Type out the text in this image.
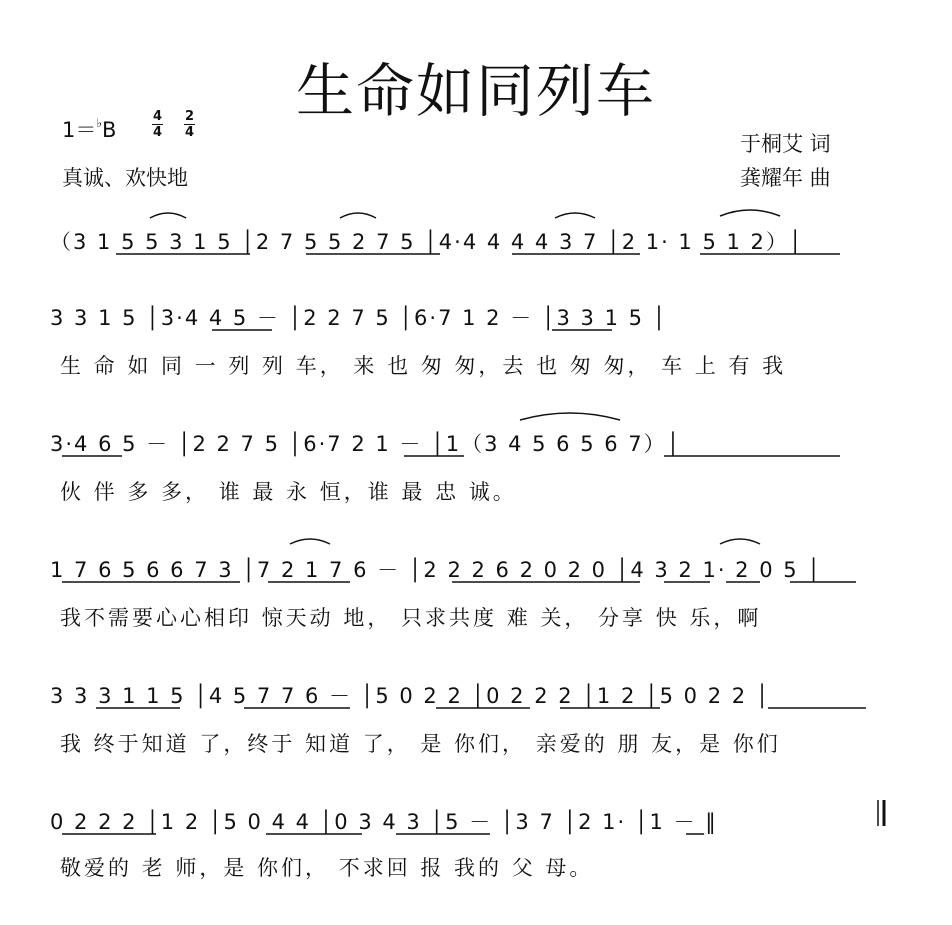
生命如同列车
1＝♭B
4
4
2
4
真诚、欢快地
于桐艾 词
龚耀年 曲
（3 1 5 5 3 1 5 │2 7 5 5 2 7 5 │4·4 4 4 4 3 7 │2 1· 1 5 1 2）│
3 3 1 5 │3·4 4 5 － │2 2 7 5 │6·7 1 2 － │3 3 1 5 │
生 命 如 同 一 列 列 车， 来 也 匆 匆，去 也 匆 匆， 车 上 有 我
3·4 6 5 － │2 2 7 5 │6·7 2 1 － │1（3 4 5 6 5 6 7）│
伙 伴 多 多， 谁 最 永 恒，谁 最 忠 诚。
1 7 6 5 6 6 7 3 │7 2 1 7 6 － │2 2 2 6 2 0 2 0 │4 3 2 1· 2 0 5 │
我不需要心心相印 惊天动 地， 只求共度 难 关， 分享 快 乐，啊
3 3 3 1 1 5 │4 5 7 7 6 － │5 0 2 2 │0 2 2 2 │1 2 │5 0 2 2 │
我 终于知道 了，终于 知道 了， 是 你们， 亲爱的 朋 友，是 你们
0 2 2 2 │1 2 │5 0 4 4 │0 3 4 3 │5 － │3 7 │2 1· │1 － ‖
敬爱的 老 师，是 你们， 不求回 报 我的 父 母。
